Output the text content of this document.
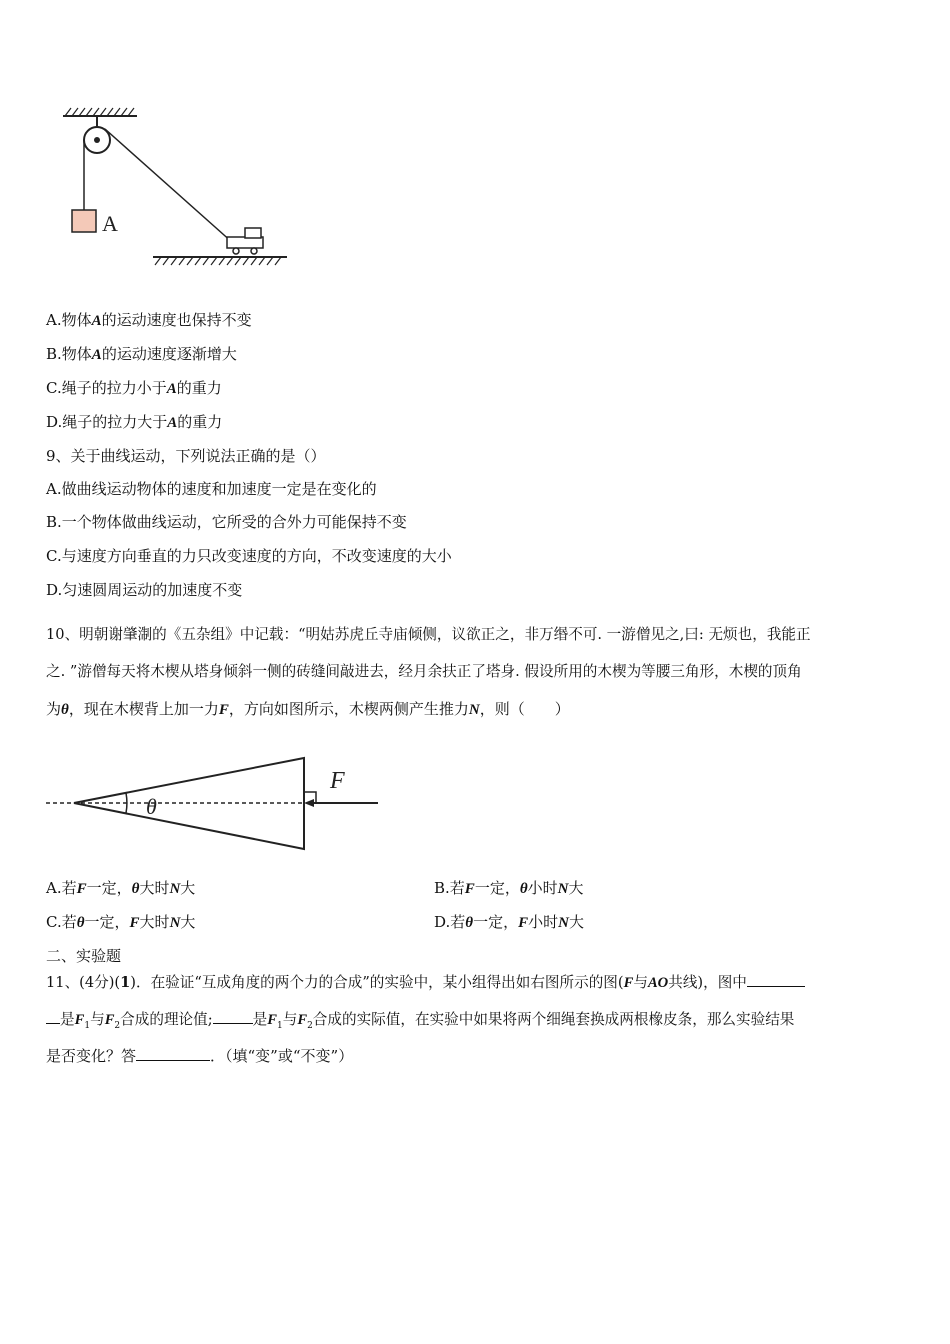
A
A.物体A的运动速度也保持不变
B.物体A的运动速度逐渐增大
C.绳子的拉力小于A的重力
D.绳子的拉力大于A的重力
9、关于曲线运动，下列说法正确的是（）
A.做曲线运动物体的速度和加速度一定是在变化的
B.一个物体做曲线运动，它所受的合外力可能保持不变
C.与速度方向垂直的力只改变速度的方向，不改变速度的大小
D.匀速圆周运动的加速度不变
10、明朝谢肇淛的《五杂组》中记载：“明姑苏虎丘寺庙倾侧，议欲正之，非万缗不可. 一游僧见之,曰: 无烦也，我能正
之. ”游僧每天将木楔从塔身倾斜一侧的砖缝间敲进去，经月余扶正了塔身. 假设所用的木楔为等腰三角形，木楔的顶角
为θ，现在木楔背上加一力F，方向如图所示，木楔两侧产生推力N，则（　　）
θ
F
A.若F一定，θ大时N大	B.若F一定，θ小时N大
C.若θ一定，F大时N大	D.若θ一定，F小时N大
二、实验题
11、(4分)(1)．在验证“互成角度的两个力的合成”的实验中，某小组得出如右图所示的图(F与AO共线)，图中
是$F_1$与$F_2$合成的理论值;	是$F_1$与$F_2$合成的实际值，在实验中如果将两个细绳套换成两根橡皮条，那么实验结果
是否变化？答	．（填“变”或“不变”）
